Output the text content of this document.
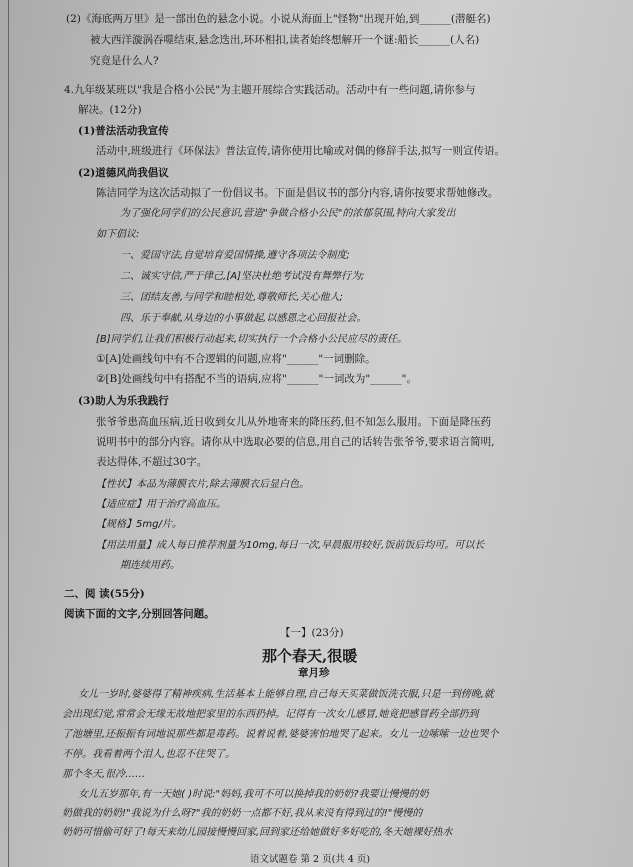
(2)《海底两万里》是一部出色的悬念小说。小说从海面上"怪物"出现开始,到______(潜艇名)
被大西洋漩涡吞噬结束,悬念迭出,环环相扣,读者始终想解开一个谜:船长______(人名)
究竟是什么人?
4.九年级某班以"我是合格小公民"为主题开展综合实践活动。活动中有一些问题,请你参与
解决。(12分)
(1)普法活动我宣传
活动中,班级进行《环保法》普法宣传,请你使用比喻或对偶的修辞手法,拟写一则宣传语。
(2)道德风尚我倡议
陈洁同学为这次活动拟了一份倡议书。下面是倡议书的部分内容,请你按要求帮她修改。
为了强化同学们的公民意识,营造"争做合格小公民"的浓郁氛围,特向大家发出
如下倡议:
一、爱国守法,自觉培育爱国情操,遵守各项法令制度;
二、诚实守信,严于律己,[A]坚决杜绝考试没有舞弊行为;
三、团结友善,与同学和睦相处,尊敬师长,关心他人;
四、乐于奉献,从身边的小事做起,以感恩之心回报社会。
[B]同学们,让我们积极行动起来,切实执行一个合格小公民应尽的责任。
①[A]处画线句中有不合逻辑的问题,应将"______"一词删除。
②[B]处画线句中有搭配不当的语病,应将"______"一词改为"______"。
(3)助人为乐我践行
张爷爷患高血压病,近日收到女儿从外地寄来的降压药,但不知怎么服用。下面是降压药
说明书中的部分内容。请你从中选取必要的信息,用自己的话转告张爷爷,要求语言简明,
表达得体,不超过30字。
【性状】本品为薄膜衣片,除去薄膜衣后显白色。
【适应症】用于治疗高血压。
【规格】5mg/片。
【用法用量】成人每日推荐剂量为10mg,每日一次,早晨服用较好,饭前饭后均可。可以长
期连续用药。
二、阅 读(55分)
阅读下面的文字,分别回答问题。
【一】(23分)
那个春天,很暖
章月珍
女儿一岁时,婆婆得了精神疾病,生活基本上能够自理,自己每天买菜做饭洗衣服,只是一到傍晚,就
会出现幻觉,常常会无缘无故地把家里的东西扔掉。记得有一次女儿感冒,她竟把感冒药全部扔到
了池塘里,还振振有词地说那些都是毒药。说着说着,婆婆害怕地哭了起来。女儿一边嗦嗦一边也哭个
不停。我看着两个泪人,也忍不住哭了。
那个冬天,很冷……
女儿五岁那年,有一天她( )时说:"妈妈,我可不可以换掉我的奶奶?我要让慢慢的奶
奶做我的奶奶!"我说为什么呀?"我的奶奶一点都不好,我从来没有得到过的!"慢慢的
奶奶可惜偷可好了!每天来幼儿园接慢慢回家,回到家还给她做好多好吃的,冬天她裸好热水
语文试题卷 第 2 页(共 4 页)
